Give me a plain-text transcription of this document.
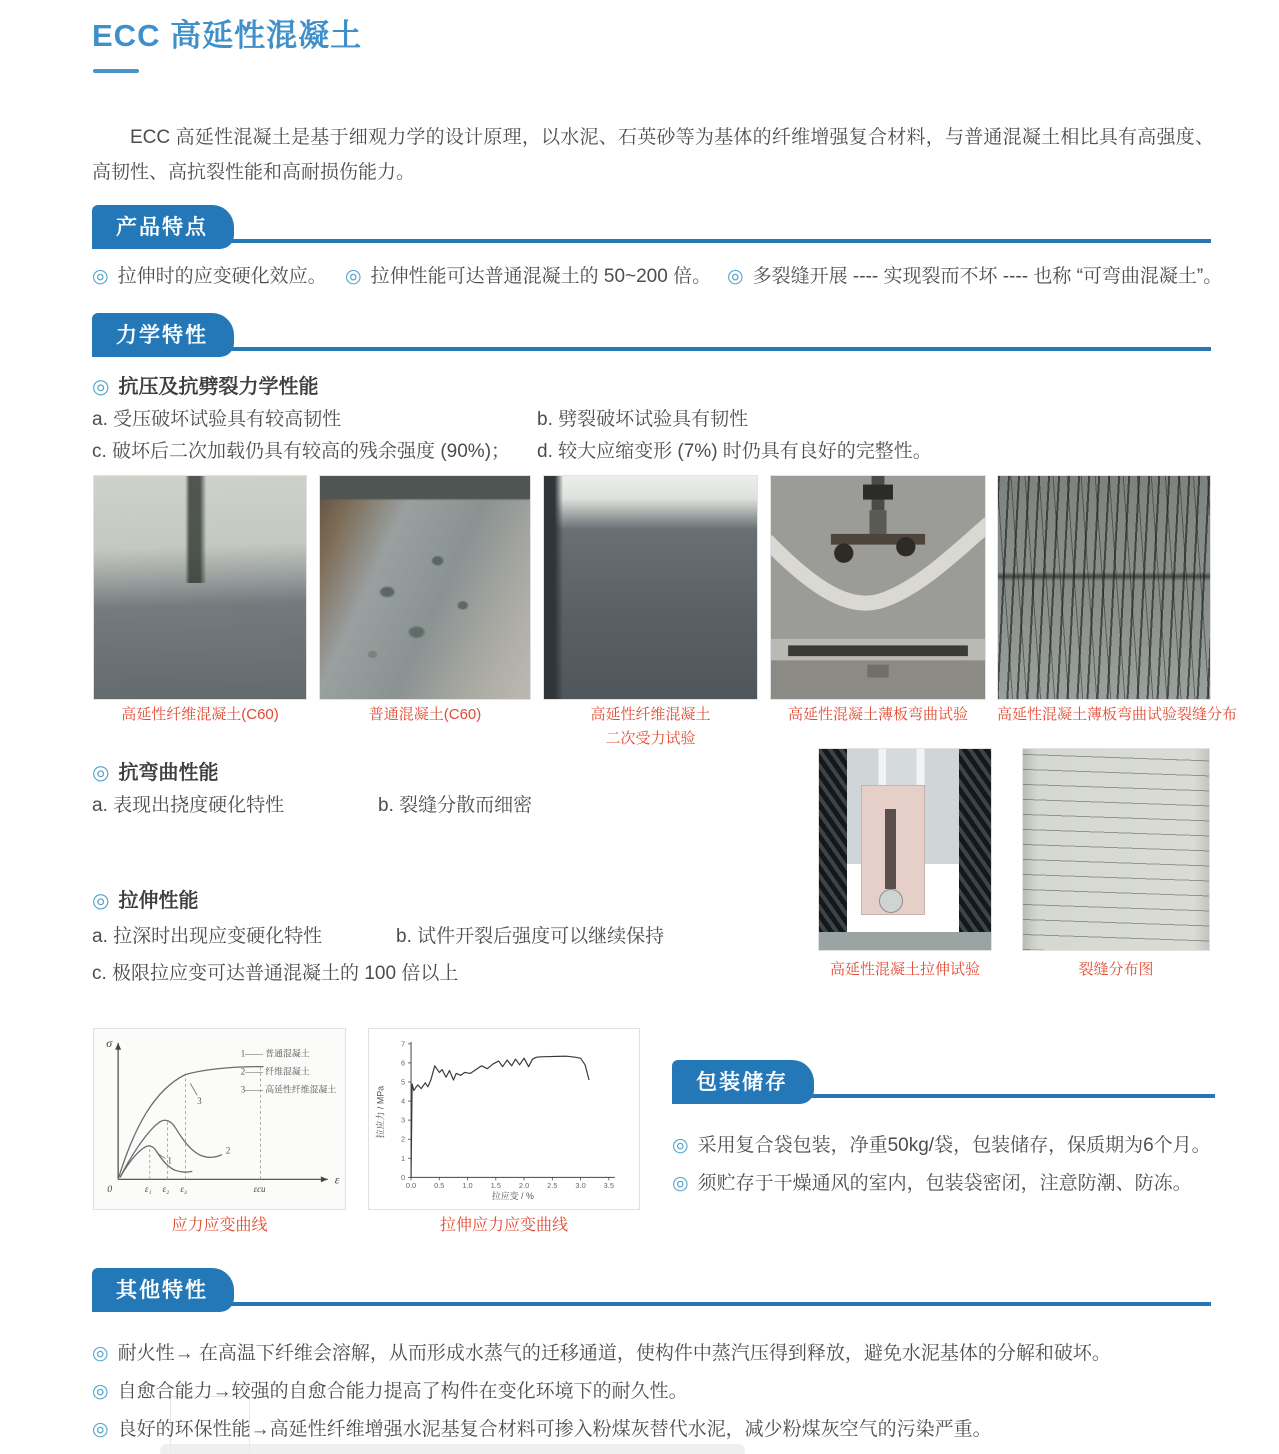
ECC 高延性混凝土
ECC 高延性混凝土是基于细观力学的设计原理，以水泥、石英砂等为基体的纤维增强复合材料，与普通混凝土相比具有高强度、高韧性、高抗裂性能和高耐损伤能力。
产品特点
◎ 拉伸时的应变硬化效应。 ◎ 拉伸性能可达普通混凝土的 50~200 倍。 ◎ 多裂缝开展 ---- 实现裂而不坏 ---- 也称 “可弯曲混凝土”。
力学特性
◎ 抗压及抗劈裂力学性能
a. 受压破坏试验具有较高韧性	b. 劈裂破坏试验具有韧性
c. 破坏后二次加载仍具有较高的残余强度 (90%)； d. 较大应缩变形 (7%) 时仍具有良好的完整性。
高延性纤维混凝土(C60)	普通混凝土(C60)	高延性纤维混凝土
二次受力试验
高延性混凝土薄板弯曲试验	高延性混凝土薄板弯曲试验裂缝分布
◎ 抗弯曲性能
a. 表现出挠度硬化特性	b. 裂缝分散而细密
高延性混凝土拉伸试验	裂缝分布图
◎ 拉伸性能
a. 拉深时出现应变硬化特性	b. 试件开裂后强度可以继续保持
c. 极限拉应变可达普通混凝土的 100 倍以上
σ
ε
0
3
2
1
ε₁ ε₂ ε₃	εcu
1—— 普通混凝土
2—— 纤维混凝土
3—— 高延性纤维混凝土	拉应力 / MPa
拉应变 / %
0.0 0.5 1.0 1.5 2.0 2.5 3.0 3.5
0
1
2
3
4
5
6
7
应力应变曲线	拉伸应力应变曲线
包装储存
◎ 采用复合袋包装，净重50kg/袋，包装储存，保质期为6个月。
◎ 须贮存于干燥通风的室内，包装袋密闭，注意防潮、防冻。
其他特性
◎ 耐火性→ 在高温下纤维会溶解，从而形成水蒸气的迁移通道，使构件中蒸汽压得到释放，避免水泥基体的分解和破坏。
◎ 自愈合能力→较强的自愈合能力提高了构件在变化环境下的耐久性。
◎ 良好的环保性能→高延性纤维增强水泥基复合材料可掺入粉煤灰替代水泥，减少粉煤灰空气的污染严重。
